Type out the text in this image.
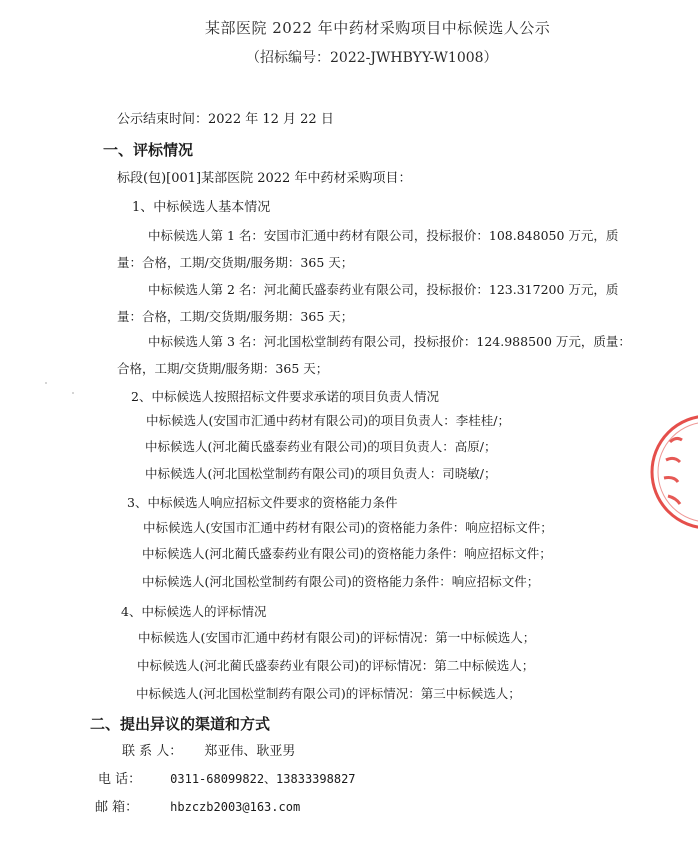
某部医院 2022 年中药材采购项目中标候选人公示
（招标编号：2022-JWHBYY-W1008）
公示结束时间：2022 年 12 月 22 日
一、评标情况
标段(包)[001]某部医院 2022 年中药材采购项目：
1、中标候选人基本情况
中标候选人第 1 名：安国市汇通中药材有限公司，投标报价：108.848050 万元，质
量：合格，工期/交货期/服务期：365 天；
中标候选人第 2 名：河北蔺氏盛泰药业有限公司，投标报价：123.317200 万元，质
量：合格，工期/交货期/服务期：365 天；
中标候选人第 3 名：河北国松堂制药有限公司，投标报价：124.988500 万元，质量：
合格，工期/交货期/服务期：365 天；
2、中标候选人按照招标文件要求承诺的项目负责人情况
中标候选人(安国市汇通中药材有限公司)的项目负责人：李桂桂/；
中标候选人(河北蔺氏盛泰药业有限公司)的项目负责人：高原/；
中标候选人(河北国松堂制药有限公司)的项目负责人：司晓敏/；
3、中标候选人响应招标文件要求的资格能力条件
中标候选人(安国市汇通中药材有限公司)的资格能力条件：响应招标文件；
中标候选人(河北蔺氏盛泰药业有限公司)的资格能力条件：响应招标文件；
中标候选人(河北国松堂制药有限公司)的资格能力条件：响应招标文件；
4、中标候选人的评标情况
中标候选人(安国市汇通中药材有限公司)的评标情况：第一中标候选人；
中标候选人(河北蔺氏盛泰药业有限公司)的评标情况：第二中标候选人；
中标候选人(河北国松堂制药有限公司)的评标情况：第三中标候选人；
二、提出异议的渠道和方式
联 系 人： 郑亚伟、耿亚男
电 话： 0311-68099822、13833398827
邮 箱：	hbzczb2003@163.com
